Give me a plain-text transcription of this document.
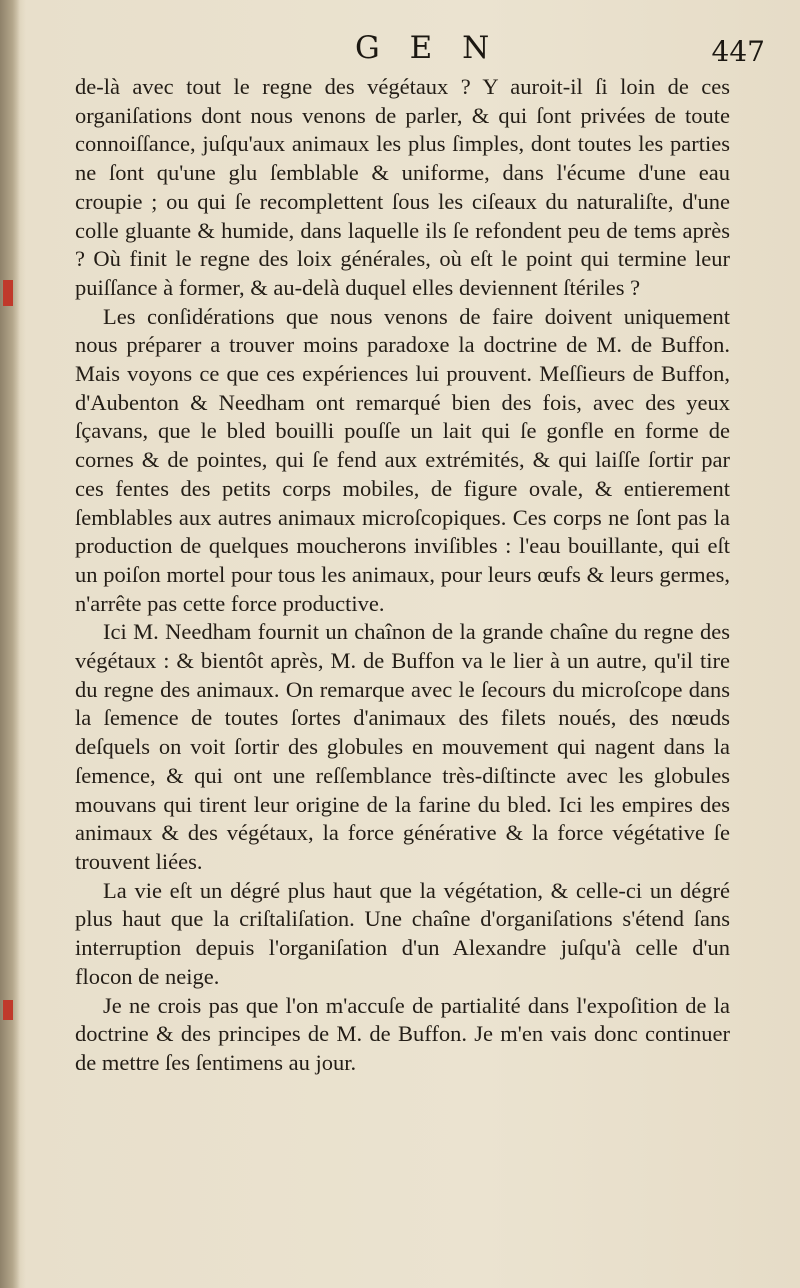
G E N	447

de-là avec tout le regne des végétaux ? Y auroit-il ſi loin de ces organiſations dont nous venons de parler, & qui ſont privées de toute connoiſſance, juſqu'aux animaux les plus ſimples, dont toutes les parties ne ſont qu'une glu ſemblable & uniforme, dans l'écume d'une eau croupie ; ou qui ſe recomplettent ſous les ciſeaux du naturaliſte, d'une colle gluante & humide, dans laquelle ils ſe refondent peu de tems après ? Où finit le regne des loix générales, où eſt le point qui termine leur puiſſance à former, & au-delà duquel elles deviennent ſtériles ?

Les conſidérations que nous venons de faire doivent uniquement nous préparer a trouver moins paradoxe la doctrine de M. de Buffon. Mais voyons ce que ces expériences lui prouvent. Meſſieurs de Buffon, d'Aubenton & Needham ont remarqué bien des fois, avec des yeux ſçavans, que le bled bouilli pouſſe un lait qui ſe gonfle en forme de cornes & de pointes, qui ſe fend aux extrémités, & qui laiſſe ſortir par ces fentes des petits corps mobiles, de figure ovale, & entierement ſemblables aux autres animaux microſcopiques. Ces corps ne ſont pas la production de quelques moucherons inviſibles : l'eau bouillante, qui eſt un poiſon mortel pour tous les animaux, pour leurs œufs & leurs germes, n'arrête pas cette force productive.

Ici M. Needham fournit un chaînon de la grande chaîne du regne des végétaux : & bientôt après, M. de Buffon va le lier à un autre, qu'il tire du regne des animaux. On remarque avec le ſecours du microſcope dans la ſemence de toutes ſortes d'animaux des filets noués, des nœuds deſquels on voit ſortir des globules en mouvement qui nagent dans la ſemence, & qui ont une reſſemblance très-diſtincte avec les globules mouvans qui tirent leur origine de la farine du bled. Ici les empires des animaux & des végétaux, la force générative & la force végétative ſe trouvent liées.

La vie eſt un dégré plus haut que la végétation, & celle-ci un dégré plus haut que la criſtaliſation. Une chaîne d'organiſations s'étend ſans interruption depuis l'organiſation d'un Alexandre juſqu'à celle d'un flocon de neige.

Je ne crois pas que l'on m'accuſe de partialité dans l'expoſition de la doctrine & des principes de M. de Buffon. Je m'en vais donc continuer de mettre ſes ſentimens au jour.
